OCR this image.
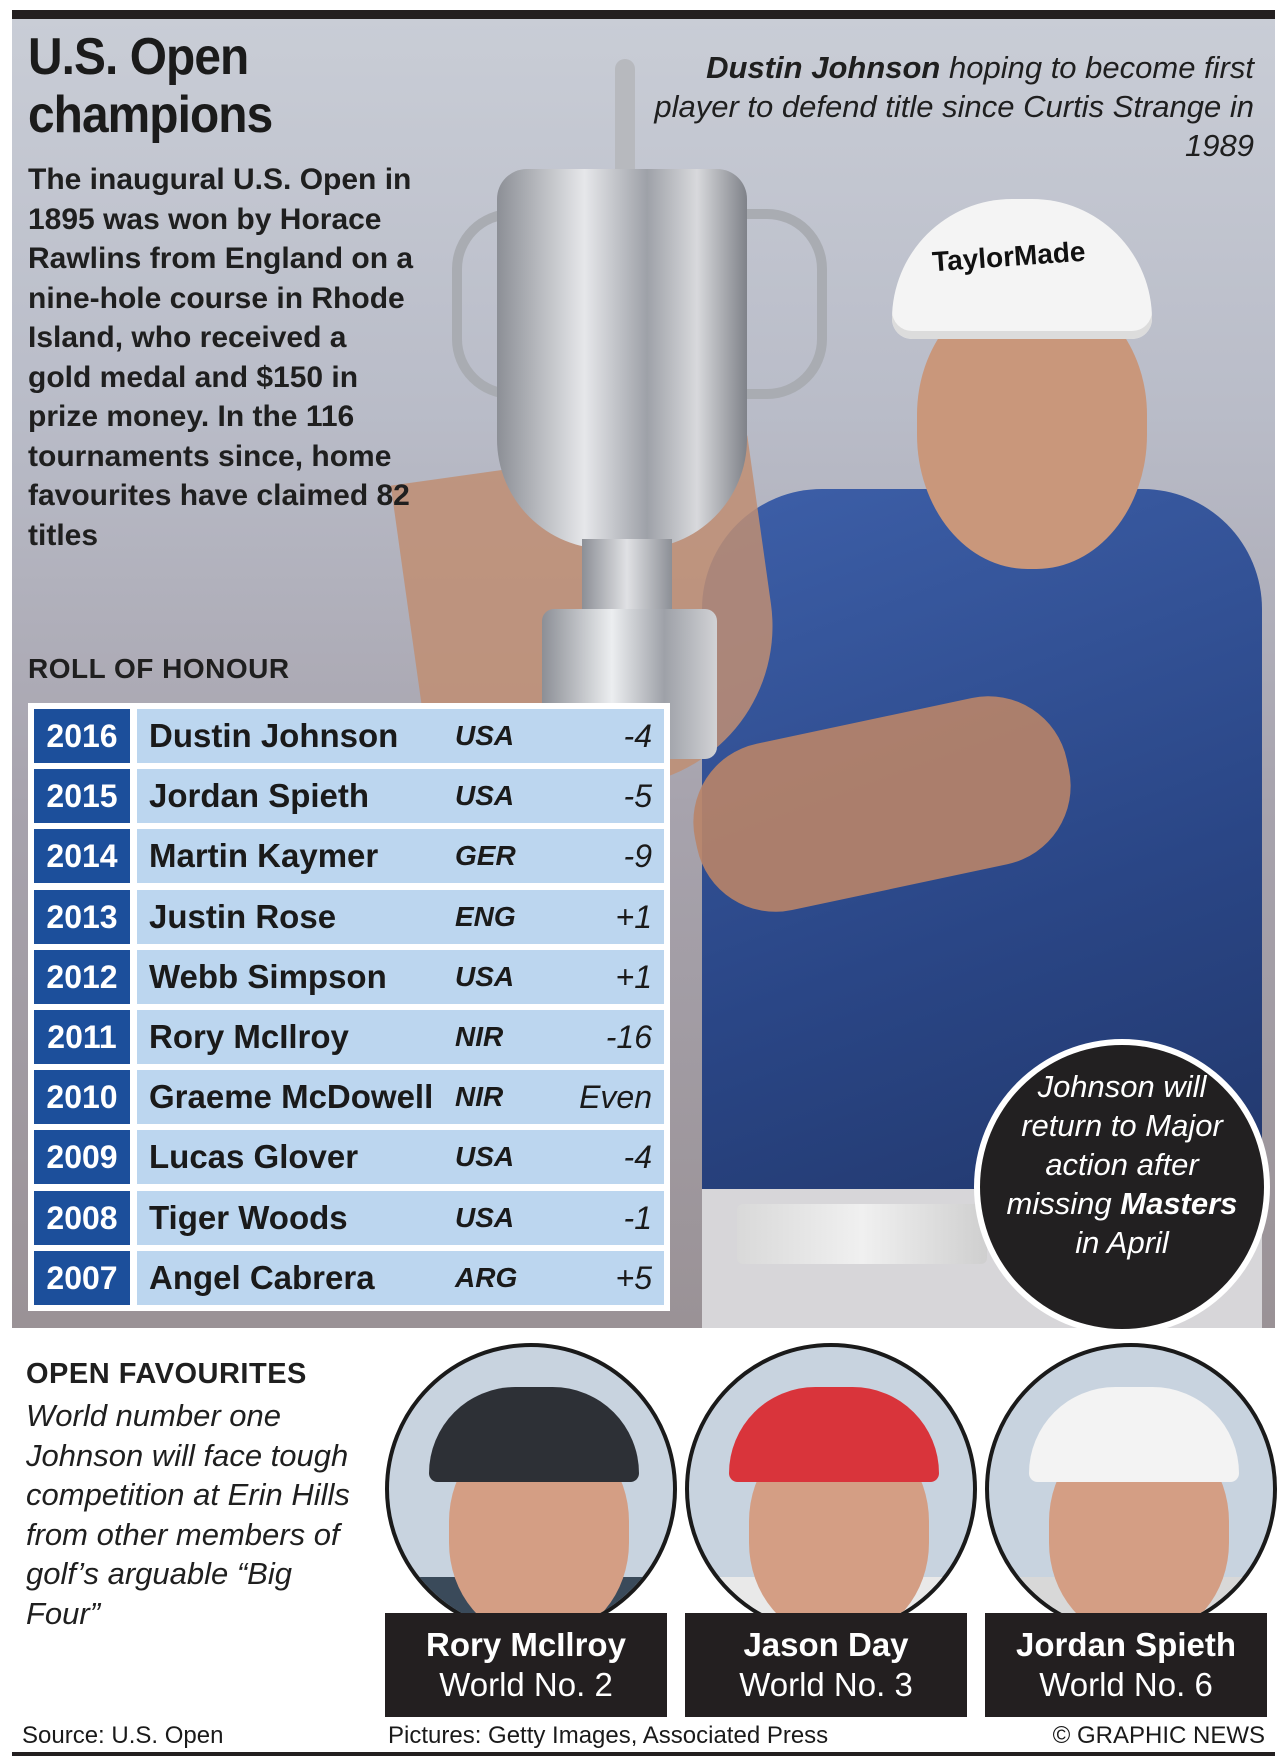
TaylorMade
U.S. Open
champions

The inaugural U.S. Open in 1895 was won by Horace Rawlins from England on a nine-hole course in Rhode Island, who received a gold medal and $150 in prize money. In the 116 tournaments since, home favourites have claimed 82 titles

Dustin Johnson hoping to become first player to defend title since Curtis Strange in 1989

ROLL OF HONOUR
2016 Dustin Johnson USA	-4
2015 Jordan Spieth	USA	-5
2014 Martin Kaymer	GER	-9
2013 Justin Rose	ENG	+1
2012 Webb Simpson USA	+1
2011 Rory McIlroy	NIR	-16
2010 Graeme McDowell NIR Even
2009 Lucas Glover	USA	-4
2008 Tiger Woods	USA	-1
2007 Angel Cabrera	ARG	+5

Johnson will return to Major action after missing Masters in April

OPEN FAVOURITES

World number one Johnson will face tough competition at Erin Hills from other members of golf’s arguable “Big Four”

Rory McIlroy
World No. 2
Jason Day
World No. 3
Jordan Spieth
World No. 6
Source: U.S. Open	Pictures: Getty Images, Associated Press	© GRAPHIC NEWS
